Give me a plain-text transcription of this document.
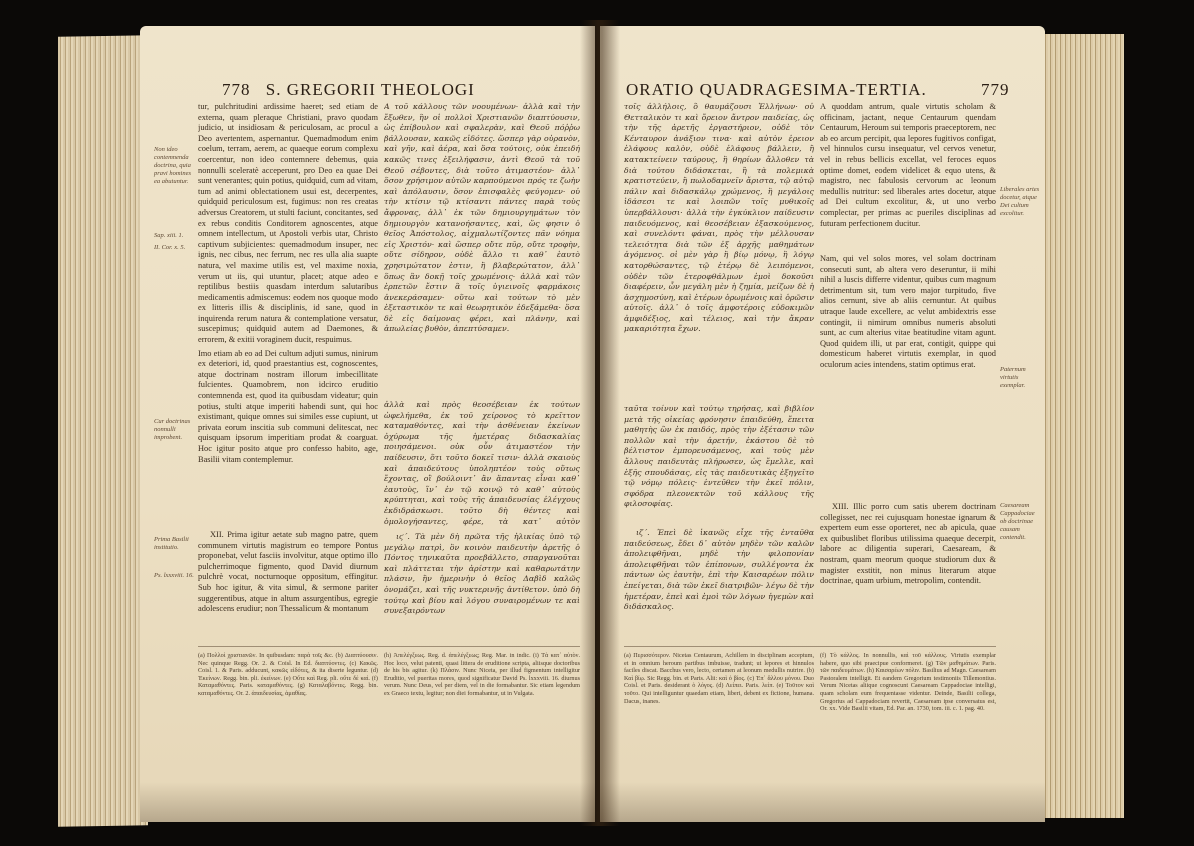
778 S. GREGORII THEOLOGI
Non ideo contemnenda doctrina, quia pravi homines ea abutuntur.
Sap. xiii. 1.
II. Cor. x. 5.
Cur doctrinas nonnulli improbent.
Prima Basilii institutio.
Ps. lxxxviii. 16.

tur, pulchritudini ardissime haeret; sed etiam de externa, quam pleraque Christiani, pravo quodam judicio, ut insidiosam & periculosam, ac procul a Deo avertentem, aspernantur. Quemadmodum enim coelum, terram, aerem, ac quaeque eorum complexu coercentur, non ideo contemnere debemus, quia nonnulli sceleratè acceperunt, pro Deo ea quae Dei sunt venerantes; quin potius, quidquid, cum ad vitam, tum ad animi oblectationem usui est, decerpentes, quidquid periculosum est, fugimus: non res creatas adversus Creatorem, ut stulti faciunt, concitantes, sed ex rebus conditis Conditorem agnoscentes, atque omnem intellectum, ut Apostoli verbis utar, Christo captivum subjicientes: quemadmodum insuper, nec ignis, nec cibus, nec ferrum, nec res ulla alia suapte natura, vel maxime utilis est, vel maxime noxia, verum ut iis, qui utuntur, placet; atque adeo e reptilibus bestiis quasdam interdum salutaribus medicamentis admiscemus: eodem nos quoque modo ex litteris illis & disciplinis, id sane, quod in inquirenda rerum natura & contemplatione versatur, suscepimus; quidquid autem ad Daemones, & errorem, & exitii voraginem ducit, respuimus.

Imo etiam ab eo ad Dei cultum adjuti sumus, ninirum ex deteriori, id, quod praestantius est, cognoscentes, atque doctrinam nostram illorum imbecillitate fulcientes. Quamobrem, non idcirco eruditio contemnenda est, quod ita quibusdam videatur; quin potius, stulti atque imperiti habendi sunt, qui hoc existimant, quique omnes sui similes esse cupiunt, ut privata eorum inscitia sub communi delitescat, nec quisquam ipsorum imperitiam prodat & coarguat. Hoc igitur posito atque pro confesso habito, age, Basilii vitam contemplemur.

XII. Prima igitur aetate sub magno patre, quem communem virtutis magistrum eo tempore Pontus proponebat, velut fasciis involvitur, atque optimo illo pulcherrimoque figmento, quod David diurnum pulchrè vocat, nocturnoque oppositum, effingitur. Sub hoc igitur, & vita simul, & sermone pariter suggerentibus, atque in altum assurgentibus, egregie adolescens erudiur; non Thessalicum & montanum
A τοῦ κάλλους τῶν νοουμένων· ἀλλὰ καὶ τὴν ἔξωθεν, ἣν οἱ πολλοὶ Χριστιανῶν διαπτύουσιν, ὡς ἐπίβουλον καὶ σφαλερὰν, καὶ Θεοῦ πόῤῥω βάλλουσαν, κακῶς εἰδότες. ὥσπερ γὰρ οὐρανὸν, καὶ γῆν, καὶ ἀέρα, καὶ ὅσα τούτοις, οὐκ ἐπειδή κακῶς τινες ἐξειλήφασιν, ἀντὶ Θεοῦ τὰ τοῦ Θεοῦ σέβοντες, διὰ τοῦτο ἀτιμαστέον· ἀλλ᾽ ὅσον χρήσιμον αὐτῶν καρπούμενοι πρός τε ζωὴν καὶ ἀπόλαυσιν, ὅσον ἐπισφαλὲς φεύγομεν· οὐ τὴν κτίσιν τῷ κτίσαντι πάντες παρὰ τοὺς ἄφρονας, ἀλλ᾽ ἐκ τῶν δημιουργημάτων τὸν δημιουργὸν κατανοήσαντες, καὶ, ὥς φησιν ὁ θεῖος Ἀπόστολος, αἰχμαλωτίζοντες πᾶν νόημα εἰς Χριστόν· καὶ ὥσπερ οὔτε πῦρ, οὔτε τροφὴν, οὔτε σίδηρον, οὐδὲ ἄλλο τι καθ᾽ ἑαυτὸ χρησιμώτατον ἐστιν, ἢ βλαβερώτατον, ἀλλ᾽ ὅπως ἂν δοκῇ τοῖς χρωμένοις· ἀλλὰ καὶ τῶν ἑρπετῶν ἔστιν ἃ τοῖς ὑγιεινοῖς φαρμάκοις ἀνεκεράσαμεν· οὕτω καὶ τούτων τὸ μὲν ἐξεταστικὸν τε καὶ θεωρητικὸν ἐδεξάμεθα· ὅσα δὲ εἰς δαίμονας φέρει, καὶ πλάνην, καὶ ἀπωλείας βυθὸν, ἀπεπτύσαμεν.
ἀλλὰ καὶ πρὸς θεοσέβειαν ἐκ τούτων ὠφελήμεθα, ἐκ τοῦ χείρονος τὸ κρεῖττον καταμαθόντες, καὶ τὴν ἀσθένειαν ἐκείνων ὀχύρωμα τῆς ἡμετέρας διδασκαλίας ποιησάμενοι. οὐκ οὖν ἀτιμαστέον τὴν παίδευσιν, ὅτι τοῦτο δοκεῖ τισιν· ἀλλὰ σκαιοὺς καὶ ἀπαιδεύτους ὑποληπτέον τοὺς οὕτως ἔχοντας, οἳ βούλοιντ᾽ ἂν ἅπαντας εἶναι καθ᾽ ἑαυτοὺς, ἵν᾽ ἐν τῷ κοινῷ τὸ καθ᾽ αὐτοὺς κρύπτηται, καὶ τοὺς τῆς ἀπαιδευσίας ἐλέγχους ἐκδιδράσκωσι. τοῦτο δὴ θέντες καὶ ὁμολογήσαντες, φέρε, τὰ κατ᾽ αὐτὸν
ιϛ΄. Τὰ μὲν δὴ πρῶτα τῆς ἡλικίας ὑπὸ τῷ μεγάλῳ πατρὶ, ὃν κοινὸν παιδευτὴν ἀρετῆς ὁ Πόντος τηνικαῦτα προεβάλλετο, σπαργανοῦται καὶ πλάττεται τὴν ἀρίστην καὶ καθαρωτάτην πλάσιν, ἣν ἡμερινὴν ὁ θεῖος Δαβὶδ καλῶς ὀνομάζει, καὶ τῆς νυκτερινῆς ἀντίθετον. ὑπὸ δὴ τούτῳ καὶ βίου καὶ λόγου συναιρομένων τε καὶ συνεξαιρόντων
(a) Πολλοὶ χριστιανῶν. In quibusdam: παρὰ τοῖς &c. (b) Διαπτύουσιν. Nec quinque Regg. Or. 2. & Coisl. In Ed. διαπτύοντες. (c) Κακῶς. Coisl. 1. & Paris. adducunt, κακῶς εἰδότες, & ita diserte leguntur. (d) Ἐκείνων. Regg. bin. pli. ἐκείνων. (e) Οὔτε καὶ Reg. pli. οὔτε δὲ καὶ. (f) Καταμαθόντες. Paris. καταμαθόντες. (g) Καταλαβόντες. Regg. bin. καταμαθόντες. Or. 2. ἀπαιδευσίας, ἀμαθίας.
(h) Ἀπελέγξεως. Reg. d. ἀπελέγξεως; Reg. Mar. in indic. (i) Τὰ κατ᾽ αὐτὸν. Hoc loco, velut patenti, quasi littera de eruditione scripta, aliisque doctoribus de his bis agitur. (k) Πλάσιν. Nunc Niceta, per illud figmentum intelligitur Eruditio, vel pueritas mores, quod significatur David Ps. lxxxviii. 16. diurnus verum. Nunc Deus, vel per diem, vel in die formabantur. Sic etiam legendum ex Graeco textu, legitur; non diei formabantur, ut in Vulgata.
ORATIO QUADRAGESIMA-TERTIA.	779
τοῖς ἀλλήλοις, ὃ θαυμάζουσι Ἑλλήνων· οὐ Θετταλικὸν τι καὶ ὄρειον ἄντρον παιδείας, ὡς τὴν τῆς ἀρετῆς ἐργαστήριον, οὐδὲ τὸν Κένταυρον ἀνάξιον τινα· καὶ αὐτὸν ἐρειον ἐλάφους καλὸν, οὐδὲ ἐλάφους βάλλειν, ἢ κατακτείνειν ταύρους, ἢ θηρίων ἄλλοθεν τὰ διὰ τούτου διδάσκεται, ἢ τὰ πολεμικὰ κρατιστεύειν, ἢ πωλοδαμνεῖν ἄριστα, τῷ αὐτῷ πάλιν καὶ διδασκάλῳ χρώμενος, ἢ μεγάλοις ἰδάσεσι τε καὶ λοιπῶν τοῖς μυθικοῖς ὑπερβάλλουσι· ἀλλὰ τὴν ἐγκύκλιον παίδευσιν παιδευόμενος, καὶ θεοσέβειαν ἐξασκούμενος, καὶ συνελόντι φάναι, πρὸς τὴν μέλλουσαν τελειότητα διὰ τῶν ἐξ ἀρχῆς μαθημάτων ἀγόμενος. οἱ μὲν γὰρ ἢ βίῳ μόνῳ, ἢ λόγῳ κατορθώσαντες, τῷ ἑτέρῳ δὲ λειπόμενοι, οὐδὲν τῶν ἑτεροφθάλμων ἐμοὶ δοκοῦσι διαφέρειν, ὧν μεγάλη μὲν ἡ ζημία, μείζων δὲ ἡ ἀσχημοσύνη, καὶ ἑτέρων ὁρωμένοις καὶ ὁρῶσιν αὐτοῖς. ἀλλ᾽ ὁ τοῖς ἀμφοτέροις εὐδοκιμῶν ἀμφιδέξιος, καὶ τέλειος, καὶ τὴν ἄκραν μακαριότητα ἔχων.
ταῦτα τοίνυν καὶ τούτῳ τηρήσας, καὶ βιβλίον μετὰ τῆς οἰκείας φρόνησιν ἐπαιδεύθη, ἔπειτα μαθητὴς ὢν ἐκ παιδός, πρὸς τὴν ἐξέτασιν τῶν πολλῶν καὶ τὴν ἀρετήν, ἐκάστου δὲ τὸ βέλτιστον ἐμπορευσάμενος, καὶ τοὺς μὲν ἄλλους παιδευτὰς πλήρωσεν, ὡς ἔμελλε, καὶ ἑξῆς σπουδάσας, εἰς τὰς παιδευτικὰς ἐξηγεῖτο τῷ νόμῳ πόλεις· ἐντεῦθεν τὴν ἐκεῖ πόλιν, σφόδρα πλεονεκτῶν τοῦ κάλλους τῆς φιλοσοφίας.
ιζ΄. Ἐπεὶ δὲ ἱκανῶς εἶχε τῆς ἐνταῦθα παιδεύσεως, ἔδει δ᾽ αὐτὸν μηδὲν τῶν καλῶν ἀπολειφθῆναι, μηδὲ τὴν φιλοπονίαν ἀπολειφθῆναι τῶν ἐπίπονων, συλλέγοντα ἐκ πάντων ὡς ἑαυτὴν, ἐπὶ τὴν Καισαρέων πόλιν ἐπείγεται, διὰ τῶν ἐκεῖ διατριβῶν· λέγω δὲ τὴν ἡμετέραν, ἐπεὶ καὶ ἐμοὶ τῶν λόγων ἡγεμὼν καὶ διδάσκαλος.
A quoddam antrum, quale virtutis scholam & officinam, jactant, neque Centaurum quendam Centaurum, Heroum sui temporis praeceptorem, nec ab eo arcum percipit, qua lepores fugitivos configat, vel hinnulos cursu insequatur, vel cervos venetur, vel in rebus bellicis excellat, vel feroces equos optime domet, eodem videlicet & equo utens, & magistro, nec fabulosis cervorum ac leonum medullis nutritur: sed liberales artes docetur, atque ad Dei cultum excolitur, &, ut uno verbo complectar, per primas ac pueriles disciplinas ad futuram perfectionem ducitur.
Nam, qui vel solos mores, vel solam doctrinam consecuti sunt, ab altera vero deseruntur, ii mihi nihil a luscis differre videntur, quibus cum magnum detrimentum sit, tum vero major turpitudo, five alios cernunt, sive ab aliis cernuntur. At quibus utraque laude excellere, ac velut ambidextris esse contingit, ii nimirum omnibus numeris absoluti sunt, ac cum alterius vitae beatitudine vitam agunt. Quod quidem illi, ut par erat, contigit, quippe qui domesticum haberet virtutis exemplar, in quod oculorum acies intendens, statim optimus erat.
XIII. Illic porro cum satis uberem doctrinam collegisset, nec rei cujusquam honestae ignarum & expertem eum esse oporteret, nec ab apicula, quae ex quibuslibet floribus utilissima quaeque decerpit, labore ac diligentia superari, Caesaream, & nostram, quam meorum quoque studiorum dux & magister exstitit, non minus literarum atque doctrinae, quam urbium, metropolim, contendit.
Liberales artes docetur, atque Dei cultum excolitur.
Paternum virtutis exemplar.
Caesaream Cappadociae ob doctrinae causam contendit.
(a) Περισσότερον. Nicetas Centaurum, Achillem in disciplinam acceptum, et in omnium heroum partibus imbuisse, tradunt; ut lepores et hinnulos faciles discat. Bacchus vero, lecto, certamen at leonum medullis nutrire. (b) Καὶ βίῳ. Sic Regg. bin. et Paris. Alii: καὶ ὁ βίος. (c) Ἐπ᾽ ἄλλου μόνου. Duo Coisl. et Paris. desiderant ὁ λόγος. (d) Λείπει. Paris. λείπ. (e) Τοῦτον καὶ τοῦτο. Qui intelliguntur quaedam etiam, liberi, debent ex fictione, humana. Dacus, inanes.
(f) Τὸ κάλλος. In nonnullis, καὶ τοῦ κάλλους. Virtutis exemplar habere, quo sibi praecipue conformeret. (g) Τῶν μαθημάτων. Paris. τῶν παιδευμάτων. (h) Καισαρέων πόλιν. Basilius ad Magn. Caesaream Pastoralem intelligit. Et eandem Gregorium testimoniis Tillemontius. Verum Nicetas aliique cognoscunt Caesaream Cappadociae intelligi, quam scholam eum frequentasse videntur. Deinde, Basilii collega, Gregorius ad Cappadociam revertit, Caesaream ipse conversatus est, Or. xx. Vide Basilii vitam, Ed. Par. an. 1730, tom. iii. c. 1. pag. 40.
